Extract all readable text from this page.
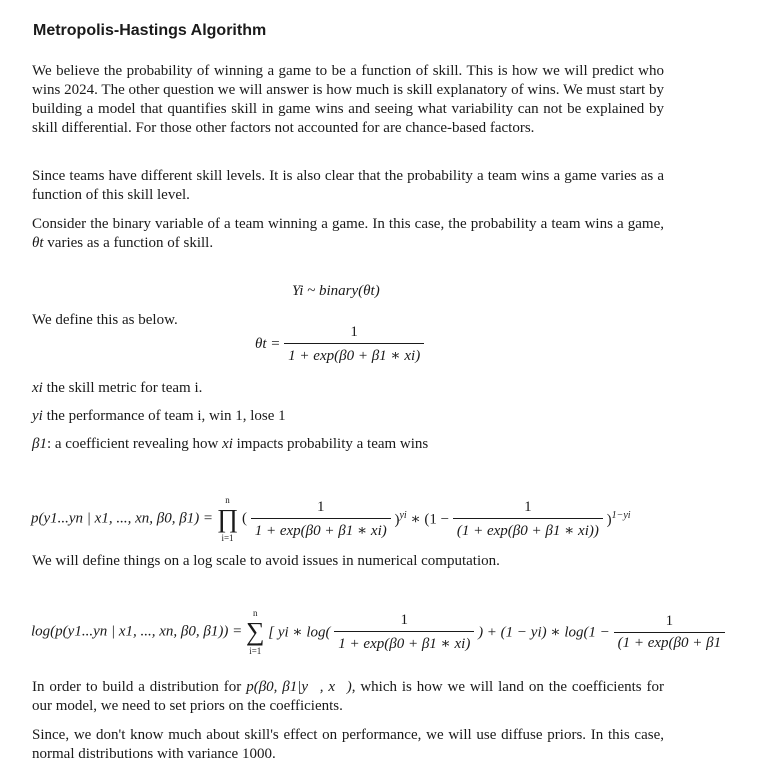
Metropolis-Hastings Algorithm

We believe the probability of winning a game to be a function of skill. This is how we will predict who wins 2024. The other question we will answer is how much is skill explanatory of wins. We must start by building a model that quantifies skill in game wins and seeing what variability can not be explained by skill differential. For those other factors not accounted for are chance-based factors.

Since teams have different skill levels. It is also clear that the probability a team wins a game varies as a function of this skill level.

Consider the binary variable of a team winning a game. In this case, the probability a team wins a game, θt varies as a function of skill.

Yi ~ binary(θt)
We define this as below.
$\theta t = \frac{1}{1 + \exp(\beta 0 + \beta 1 ∗ xi)}$
xi the skill metric for team i.
yi the performance of team i, win 1, lose 1
β1: a coefficient revealing how xi impacts probability a team wins
p(y1...yn | x1, ..., xn, β0, β1) =
n
∏
i=1
( $\frac{1}{1 + \exp(\beta 0 + \beta 1 ∗ xi)} )^{yi}$ ∗ $(1 - \frac{1}{(1 + \exp(\beta 0 + \beta 1 ∗ xi))} )^{1-yi}$
We will define things on a log scale to avoid issues in numerical computation.
log(p(y1...yn | x1, ..., xn, β0, β1)) =
n
∑
i=1
[ yi ∗ $\log( \frac{1}{1 + \exp(\beta 0 + \beta 1 ∗ xi)}$ ) + (1 − yi) ∗ $\log(1 - \frac{1}{(1 + \exp(\beta 0 + \beta 1}$

In order to build a distribution for p(β0, β1|y⃗, x⃗), which is how we will land on the coefficients for our model, we need to set priors on the coefficients.

Since, we don't know much about skill's effect on performance, we will use diffuse priors. In this case, normal distributions with variance 1000.
